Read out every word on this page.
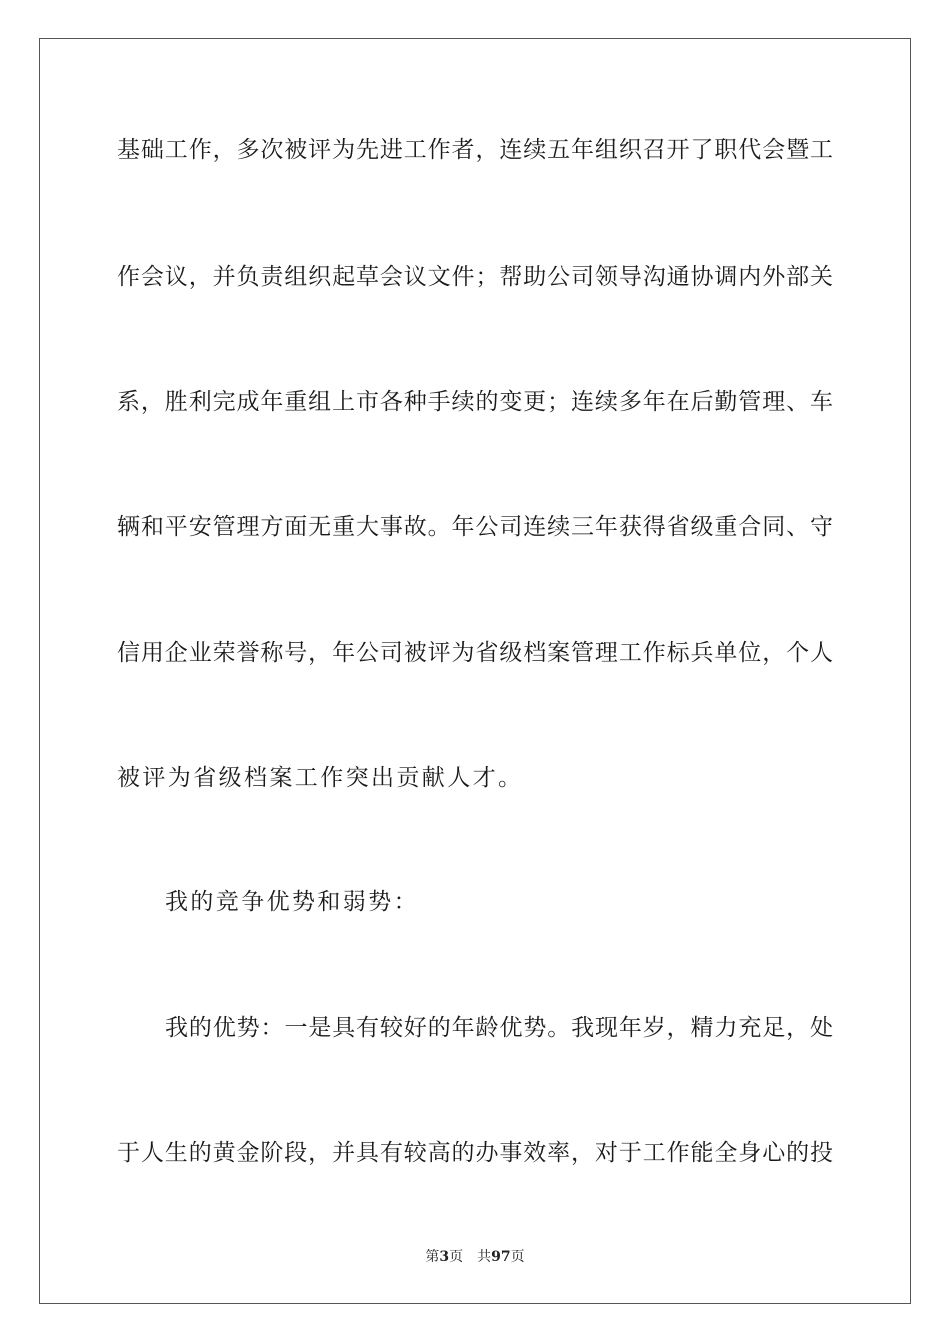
基础工作，多次被评为先进工作者，连续五年组织召开了职代会暨工
作会议，并负责组织起草会议文件；帮助公司领导沟通协调内外部关
系，胜利完成年重组上市各种手续的变更；连续多年在后勤管理、车
辆和平安管理方面无重大事故。年公司连续三年获得省级重合同、守
信用企业荣誉称号，年公司被评为省级档案管理工作标兵单位，个人
被评为省级档案工作突出贡献人才。
我的竞争优势和弱势：
我的优势：一是具有较好的年龄优势。我现年岁，精力充足，处
于人生的黄金阶段，并具有较高的办事效率，对于工作能全身心的投
第3页 共97页
